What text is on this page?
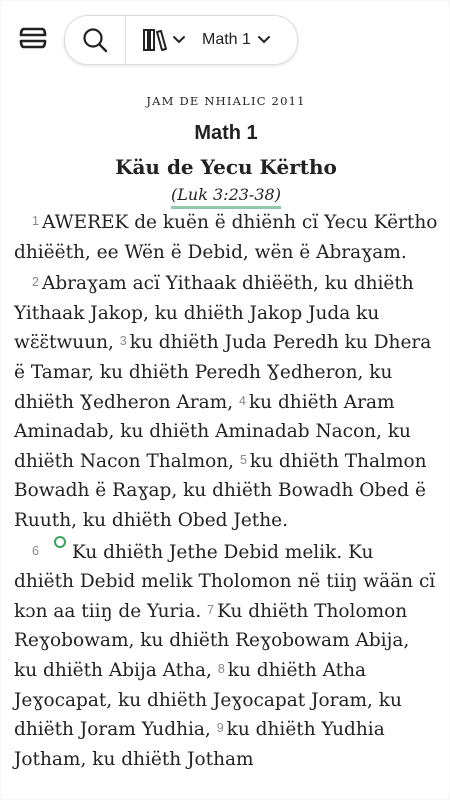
Math 1
JAM DE NHIALIC 2011
Math 1
Käu de Yecu Kërtho
(Luk 3:23-38)

$^1$ AWEREK de kuën ë dhiënh cï Yecu Kërtho dhiëëth, ee Wën ë Debid, wën ë Abraɣam.

$^2$ Abraɣam acï Yithaak dhiëëth, ku dhiëth Yithaak Jakop, ku dhiëth Jakop Juda ku wɛ̈ɛ̈twuun, $^3$ ku dhiëth Juda Peredh ku Dhera ë Tamar, ku dhiëth Peredh Ɣedheron, ku dhiëth Ɣedheron Aram, $^4$ ku dhiëth Aram Aminadab, ku dhiëth Aminadab Nacon, ku dhiëth Nacon Thalmon, $^5$ ku dhiëth Thalmon Bowadh ë Raɣap, ku dhiëth Bowadh Obed ë Ruuth, ku dhiëth Obed Jethe.

$^6$ Ku dhiëth Jethe Debid melik. Ku dhiëth Debid melik Tholomon në tiiŋ wään cï kɔn aa tiiŋ de Yuria. $^7$ Ku dhiëth Tholomon Reɣobowam, ku dhiëth Reɣobowam Abija, ku dhiëth Abija Atha, $^8$ ku dhiëth Atha Jeɣocapat, ku dhiëth Jeɣocapat Joram, ku dhiëth Joram Yudhia, $^9$ ku dhiëth Yudhia Jotham, ku dhiëth Jotham
